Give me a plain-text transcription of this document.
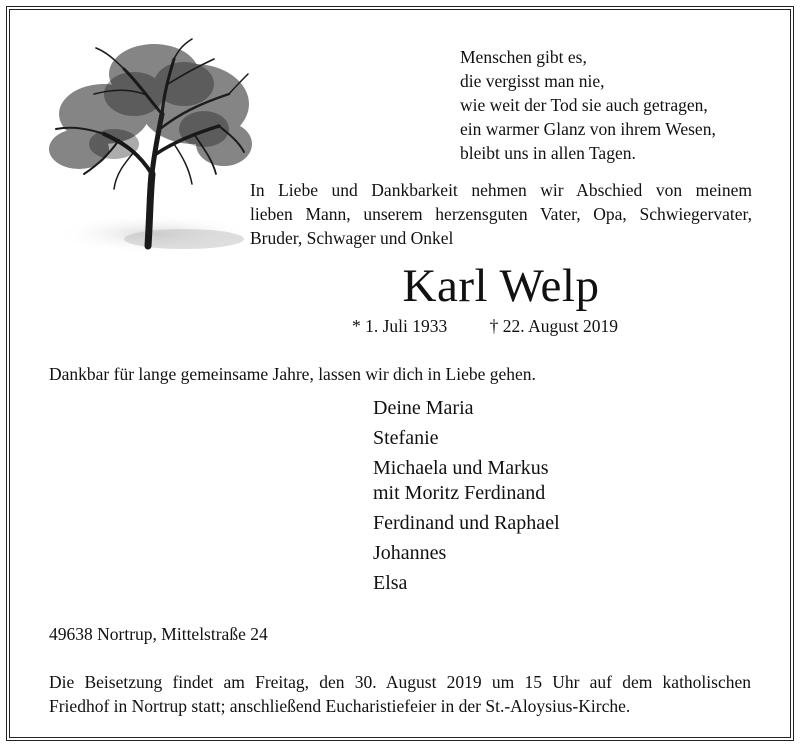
Menschen gibt es,
die vergisst man nie,
wie weit der Tod sie auch getragen,
ein warmer Glanz von ihrem Wesen,
bleibt uns in allen Tagen.
In Liebe und Dankbarkeit nehmen wir Abschied von meinem
lieben Mann, unserem herzensguten Vater, Opa, Schwiegervater,
Bruder, Schwager und Onkel
Karl Welp
* 1. Juli 1933 † 22. August 2019
Dankbar für lange gemeinsame Jahre, lassen wir dich in Liebe gehen.
Deine Maria
Stefanie
Michaela und Markus
mit Moritz Ferdinand
Ferdinand und Raphael
Johannes
Elsa
49638 Nortrup, Mittelstraße 24
Die Beisetzung findet am Freitag, den 30. August 2019 um 15 Uhr auf dem katholischen
Friedhof in Nortrup statt; anschließend Eucharistiefeier in der St.-Aloysius-Kirche.
